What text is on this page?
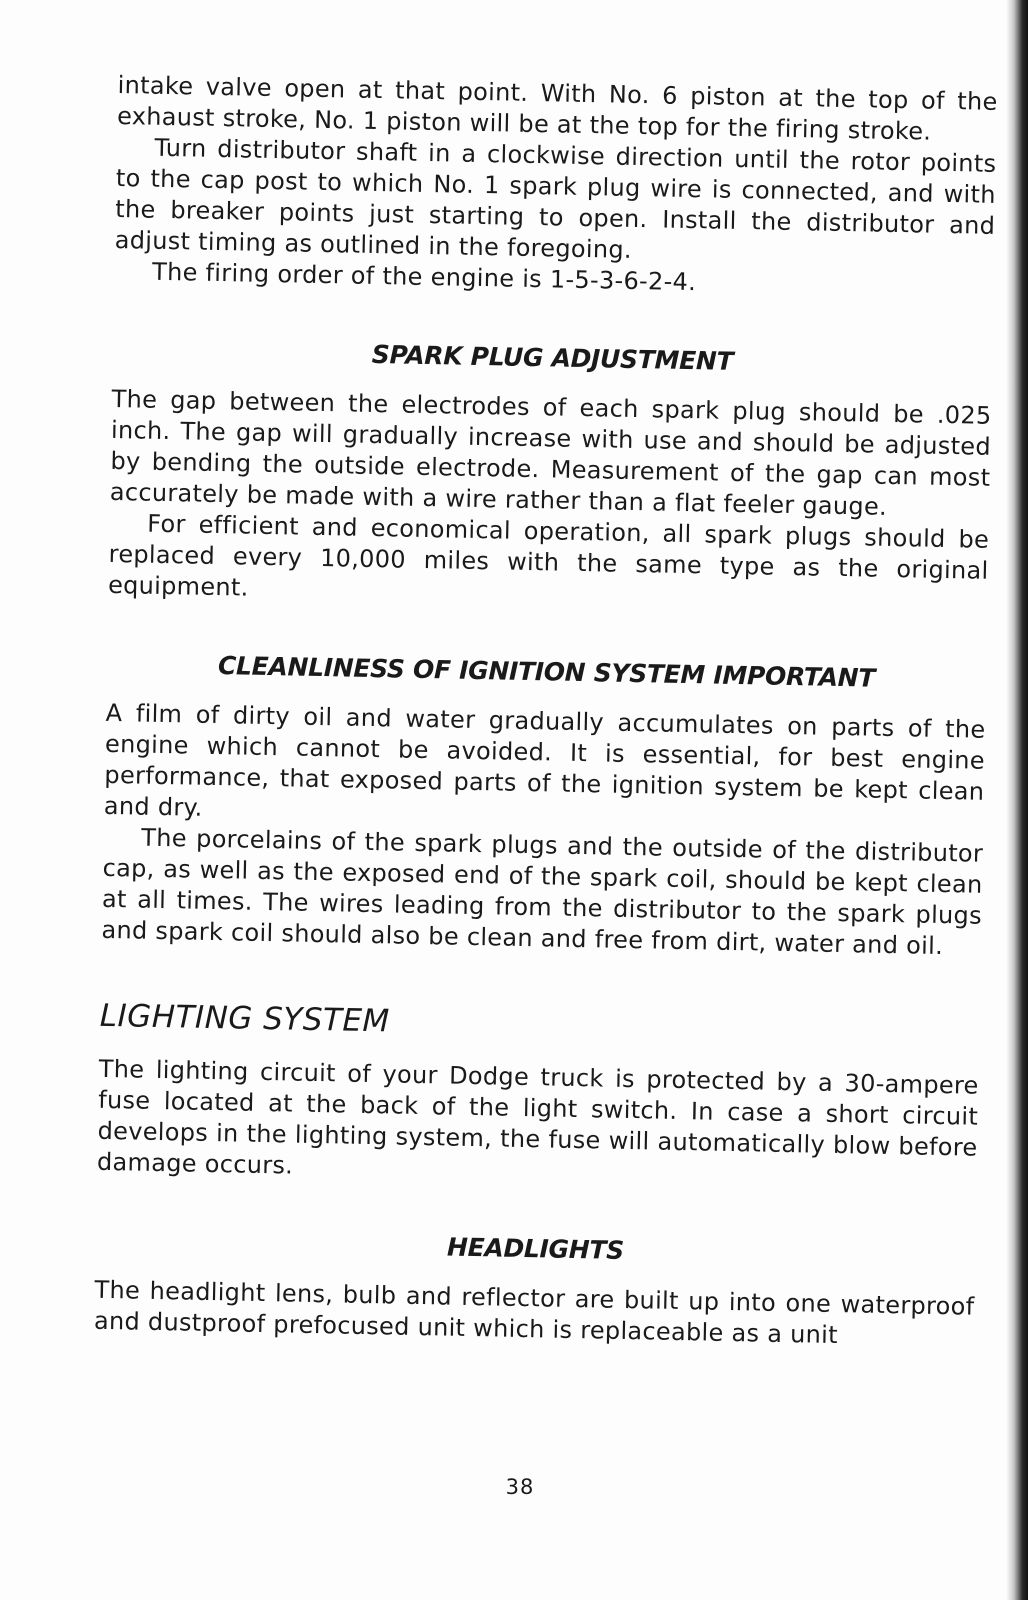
intake valve open at that point. With No. 6 piston at the top of the exhaust stroke, No. 1 piston will be at the top for the firing stroke.

Turn distributor shaft in a clockwise direction until the rotor points to the cap post to which No. 1 spark plug wire is connected, and with the breaker points just starting to open. Install the distributor and adjust timing as outlined in the foregoing.

The firing order of the engine is 1-5-3-6-2-4.

SPARK PLUG ADJUSTMENT

The gap between the electrodes of each spark plug should be .025 inch. The gap will gradually increase with use and should be adjusted by bending the outside electrode. Measurement of the gap can most accurately be made with a wire rather than a flat feeler gauge.

For efficient and economical operation, all spark plugs should be replaced every 10,000 miles with the same type as the original equipment.

CLEANLINESS OF IGNITION SYSTEM IMPORTANT

A film of dirty oil and water gradually accumulates on parts of the engine which cannot be avoided. It is essential, for best engine performance, that exposed parts of the ignition system be kept clean and dry.

The porcelains of the spark plugs and the outside of the distributor cap, as well as the exposed end of the spark coil, should be kept clean at all times. The wires leading from the distributor to the spark plugs and spark coil should also be clean and free from dirt, water and oil.

LIGHTING SYSTEM

The lighting circuit of your Dodge truck is protected by a 30-ampere fuse located at the back of the light switch. In case a short circuit develops in the lighting system, the fuse will automatically blow before damage occurs.

HEADLIGHTS

The headlight lens, bulb and reflector are built up into one waterproof and dustproof prefocused unit which is replaceable as a unit

38
